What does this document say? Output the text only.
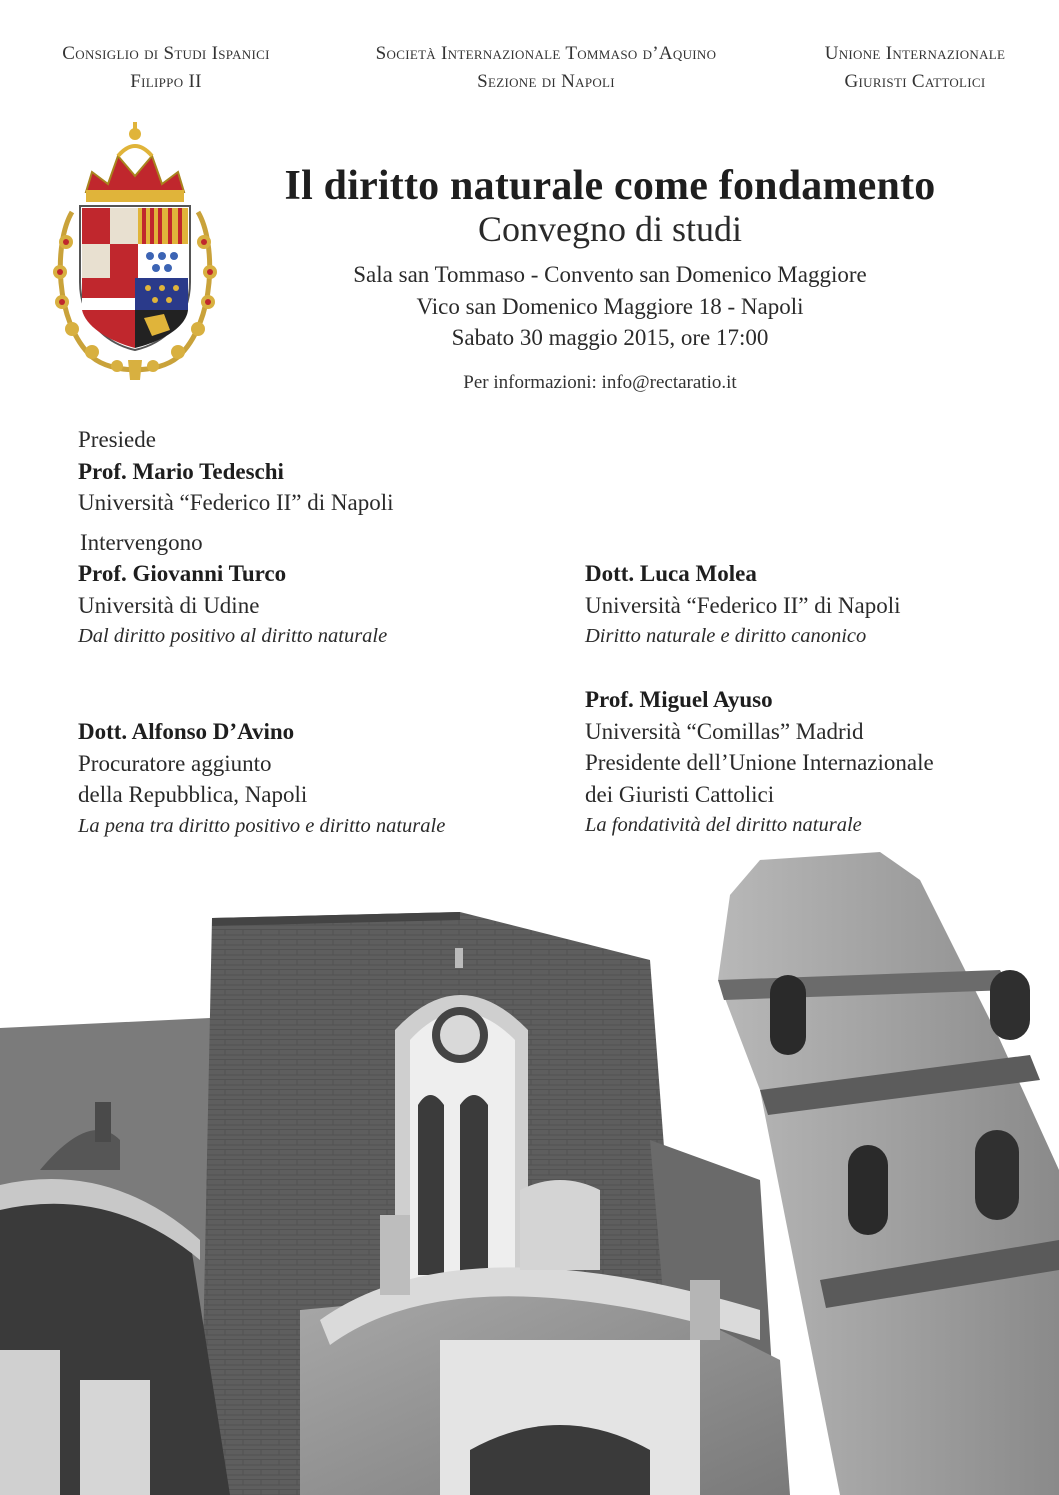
Consiglio di Studi Ispanici
Filippo II
Società Internazionale Tommaso d’Aquino
Sezione di Napoli
Unione Internazionale
Giuristi Cattolici
Il diritto naturale come fondamento
Convegno di studi
Sala san Tommaso - Convento san Domenico Maggiore
Vico san Domenico Maggiore 18 - Napoli
Sabato 30 maggio 2015, ore 17:00
Per informazioni: info@rectaratio.it
Presiede
Prof. Mario Tedeschi
Università “Federico II” di Napoli
Intervengono
Prof. Giovanni Turco
Università di Udine
Dal diritto positivo al diritto naturale
Dott. Luca Molea
Università “Federico II” di Napoli
Diritto naturale e diritto canonico
Dott. Alfonso D’Avino
Procuratore aggiunto
della Repubblica, Napoli
La pena tra diritto positivo e diritto naturale
Prof. Miguel Ayuso
Università “Comillas” Madrid
Presidente dell’Unione Internazionale
dei Giuristi Cattolici
La fondatività del diritto naturale
